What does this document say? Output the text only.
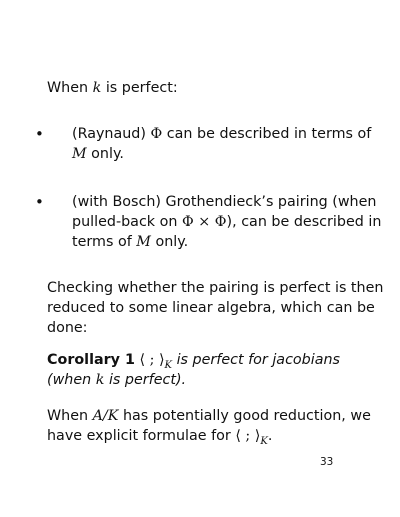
When k is perfect:
• (Raynaud) Φ can be described in terms of
M only.
• (with Bosch) Grothendieck’s pairing (when
pulled-back on Φ × Φ), can be described in
terms of M only.
Checking whether the pairing is perfect is then
reduced to some linear algebra, which can be
done:
Corollary 1 ⟨ ; $⟩_K$ is perfect for jacobians
(when k is perfect).
When A/K has potentially good reduction, we
have explicit formulae for ⟨ ; $⟩_K$.
33
